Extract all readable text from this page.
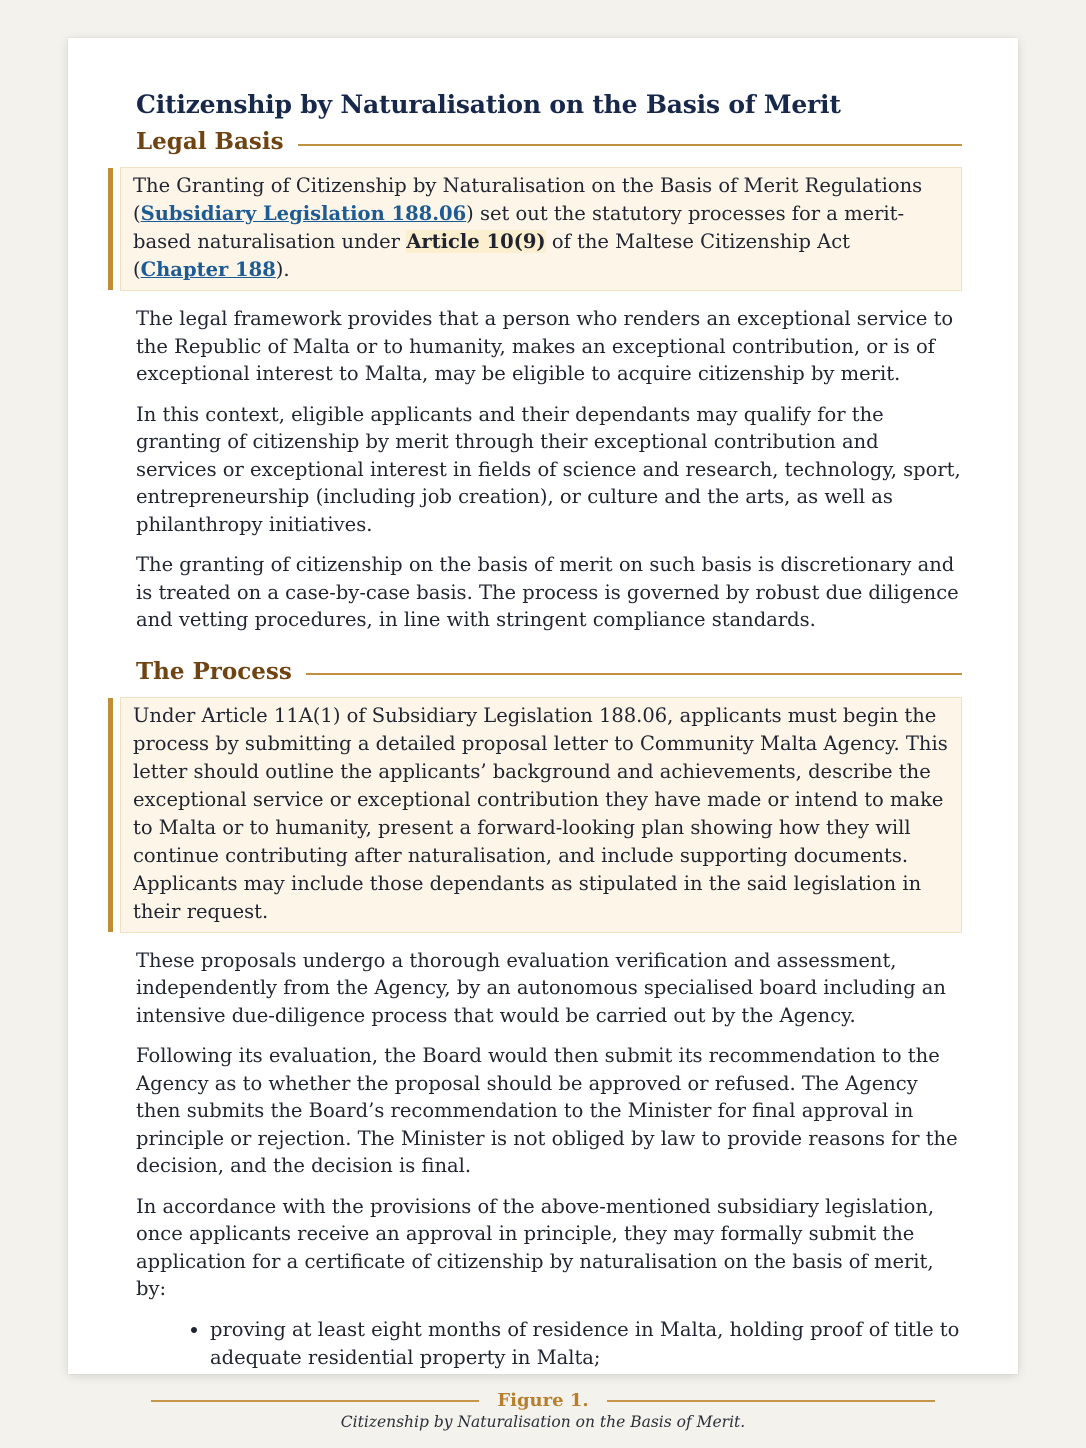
Citizenship by Naturalisation on the Basis of Merit
Legal Basis
The Granting of Citizenship by Naturalisation on the Basis of Merit Regulations (Subsidiary Legislation 188.06) set out the statutory processes for a merit-based naturalisation under Article 10(9) of the Maltese Citizenship Act (Chapter 188).

The legal framework provides that a person who renders an exceptional service to the Republic of Malta or to humanity, makes an exceptional contribution, or is of exceptional interest to Malta, may be eligible to acquire citizenship by merit.

In this context, eligible applicants and their dependants may qualify for the granting of citizenship by merit through their exceptional contribution and services or exceptional interest in fields of science and research, technology, sport, entrepreneurship (including job creation), or culture and the arts, as well as philanthropy initiatives.

The granting of citizenship on the basis of merit on such basis is discretionary and is treated on a case-by-case basis. The process is governed by robust due diligence and vetting procedures, in line with stringent compliance standards.

The Process
Under Article 11A(1) of Subsidiary Legislation 188.06, applicants must begin the process by submitting a detailed proposal letter to Community Malta Agency. This letter should outline the applicants’ background and achievements, describe the exceptional service or exceptional contribution they have made or intend to make to Malta or to humanity, present a forward-looking plan showing how they will continue contributing after naturalisation, and include supporting documents. Applicants may include those dependants as stipulated in the said legislation in their request.

These proposals undergo a thorough evaluation verification and assessment, independently from the Agency, by an autonomous specialised board including an intensive due-diligence process that would be carried out by the Agency.

Following its evaluation, the Board would then submit its recommendation to the Agency as to whether the proposal should be approved or refused. The Agency then submits the Board’s recommendation to the Minister for final approval in principle or rejection. The Minister is not obliged by law to provide reasons for the decision, and the decision is final.

In accordance with the provisions of the above-mentioned subsidiary legislation, once applicants receive an approval in principle, they may formally submit the application for a certificate of citizenship by naturalisation on the basis of merit, by:

• proving at least eight months of residence in Malta, holding proof of title to adequate residential property in Malta;
Figure 1.
Citizenship by Naturalisation on the Basis of Merit.
